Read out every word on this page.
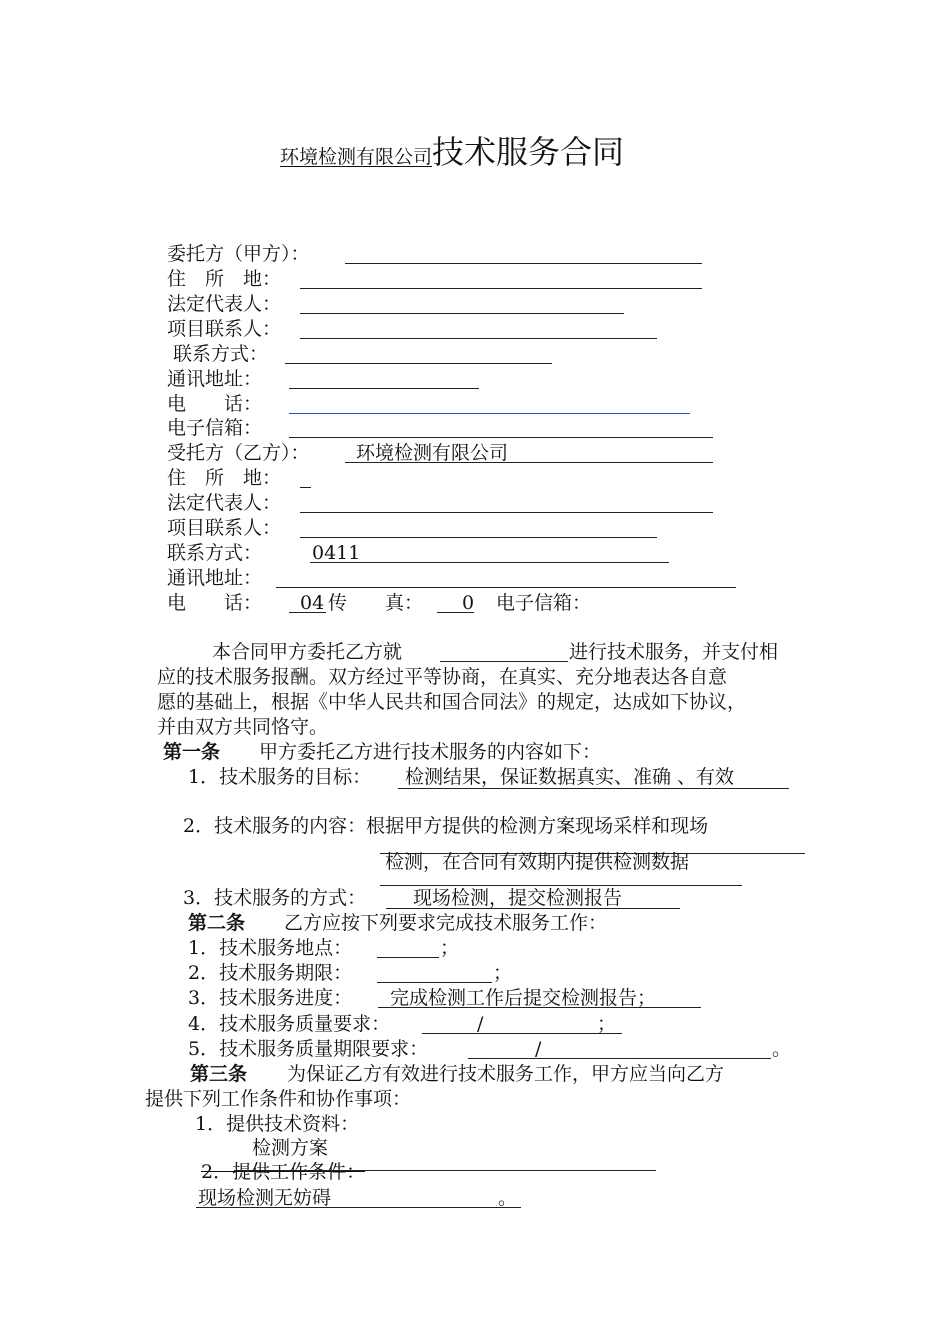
环境检测有限公司技术服务合同
委托方（甲方）：
住　所　地：
法定代表人：
项目联系人：
联系方式：
通讯地址：
电　　话：
电子信箱：
受托方（乙方）： 环境检测有限公司
住　所　地：
法定代表人：
项目联系人：
联系方式：	0411
通讯地址：
电　　话： 04 传　　真： 0 电子信箱：
本合同甲方委托乙方就	进行技术服务，并支付相
应的技术服务报酬。双方经过平等协商，在真实、充分地表达各自意
愿的基础上，根据《中华人民共和国合同法》的规定，达成如下协议，
并由双方共同恪守。
第一条 甲方委托乙方进行技术服务的内容如下：
1．技术服务的目标： 检测结果，保证数据真实、准确 、有效
2．技术服务的内容：根据甲方提供的检测方案现场采样和现场
检测，在合同有效期内提供检测数据
3．技术服务的方式： 现场检测，提交检测报告
第二条 乙方应按下列要求完成技术服务工作：
1．技术服务地点：	；
2．技术服务期限：	；
3．技术服务进度： 完成检测工作后提交检测报告；
4．技术服务质量要求：	/	；
5．技术服务质量期限要求：	/	。
第三条 为保证乙方有效进行技术服务工作，甲方应当向乙方
提供下列工作条件和协作事项：
1．提供技术资料：
检测方案
2．提供工作条件：
现场检测无妨碍	。
